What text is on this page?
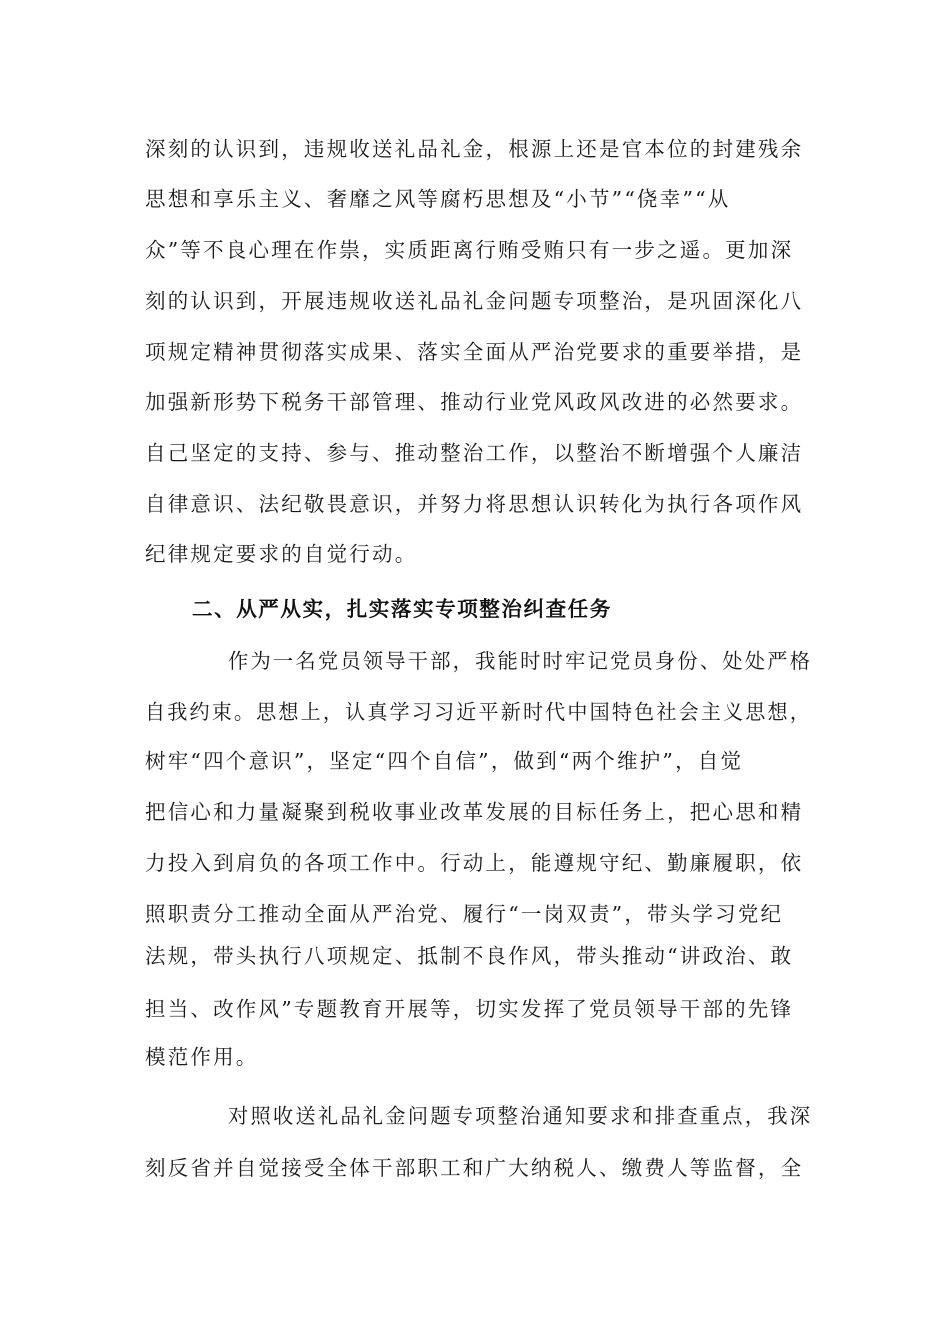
深刻的认识到，违规收送礼品礼金，根源上还是官本位的封建残余
思想和享乐主义、奢靡之风等腐朽思想及“小节”“侥幸”“从
众”等不良心理在作祟，实质距离行贿受贿只有一步之遥。更加深
刻的认识到，开展违规收送礼品礼金问题专项整治，是巩固深化八
项规定精神贯彻落实成果、落实全面从严治党要求的重要举措，是
加强新形势下税务干部管理、推动行业党风政风改进的必然要求。
自己坚定的支持、参与、推动整治工作，以整治不断增强个人廉洁
自律意识、法纪敬畏意识，并努力将思想认识转化为执行各项作风
纪律规定要求的自觉行动。
二、从严从实，扎实落实专项整治纠查任务
作为一名党员领导干部，我能时时牢记党员身份、处处严格
自我约束。思想上，认真学习习近平新时代中国特色社会主义思想，
树牢“四个意识”，坚定“四个自信”，做到“两个维护”，自觉
把信心和力量凝聚到税收事业改革发展的目标任务上，把心思和精
力投入到肩负的各项工作中。行动上，能遵规守纪、勤廉履职，依
照职责分工推动全面从严治党、履行“一岗双责”，带头学习党纪
法规，带头执行八项规定、抵制不良作风，带头推动“讲政治、敢
担当、改作风”专题教育开展等，切实发挥了党员领导干部的先锋
模范作用。
对照收送礼品礼金问题专项整治通知要求和排查重点，我深
刻反省并自觉接受全体干部职工和广大纳税人、缴费人等监督，全
